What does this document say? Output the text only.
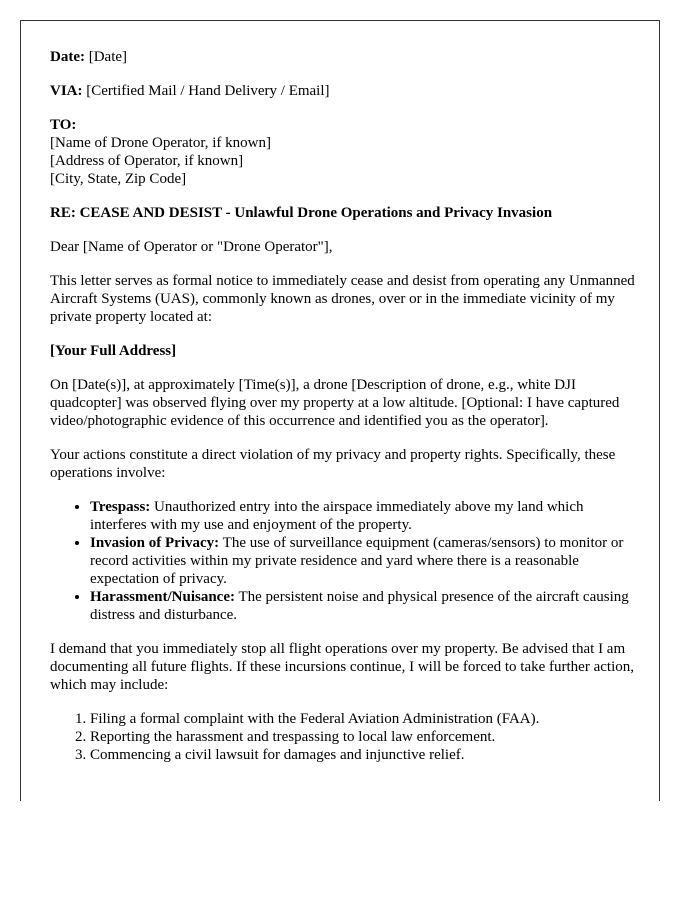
Date: [Date]

VIA: [Certified Mail / Hand Delivery / Email]

TO:
[Name of Drone Operator, if known]
[Address of Operator, if known]
[City, State, Zip Code]

RE: CEASE AND DESIST - Unlawful Drone Operations and Privacy Invasion

Dear [Name of Operator or "Drone Operator"],

This letter serves as formal notice to immediately cease and desist from operating any Unmanned Aircraft Systems (UAS), commonly known as drones, over or in the immediate vicinity of my private property located at:

[Your Full Address]

On [Date(s)], at approximately [Time(s)], a drone [Description of drone, e.g., white DJI quadcopter] was observed flying over my property at a low altitude. [Optional: I have captured video/photographic evidence of this occurrence and identified you as the operator].

Your actions constitute a direct violation of my privacy and property rights. Specifically, these operations involve:

• Trespass: Unauthorized entry into the airspace immediately above my land which interferes with my use and enjoyment of the property.
• Invasion of Privacy: The use of surveillance equipment (cameras/sensors) to monitor or record activities within my private residence and yard where there is a reasonable expectation of privacy.
• Harassment/Nuisance: The persistent noise and physical presence of the aircraft causing distress and disturbance.

I demand that you immediately stop all flight operations over my property. Be advised that I am documenting all future flights. If these incursions continue, I will be forced to take further action, which may include:

1. Filing a formal complaint with the Federal Aviation Administration (FAA).
2. Reporting the harassment and trespassing to local law enforcement.
3. Commencing a civil lawsuit for damages and injunctive relief.
